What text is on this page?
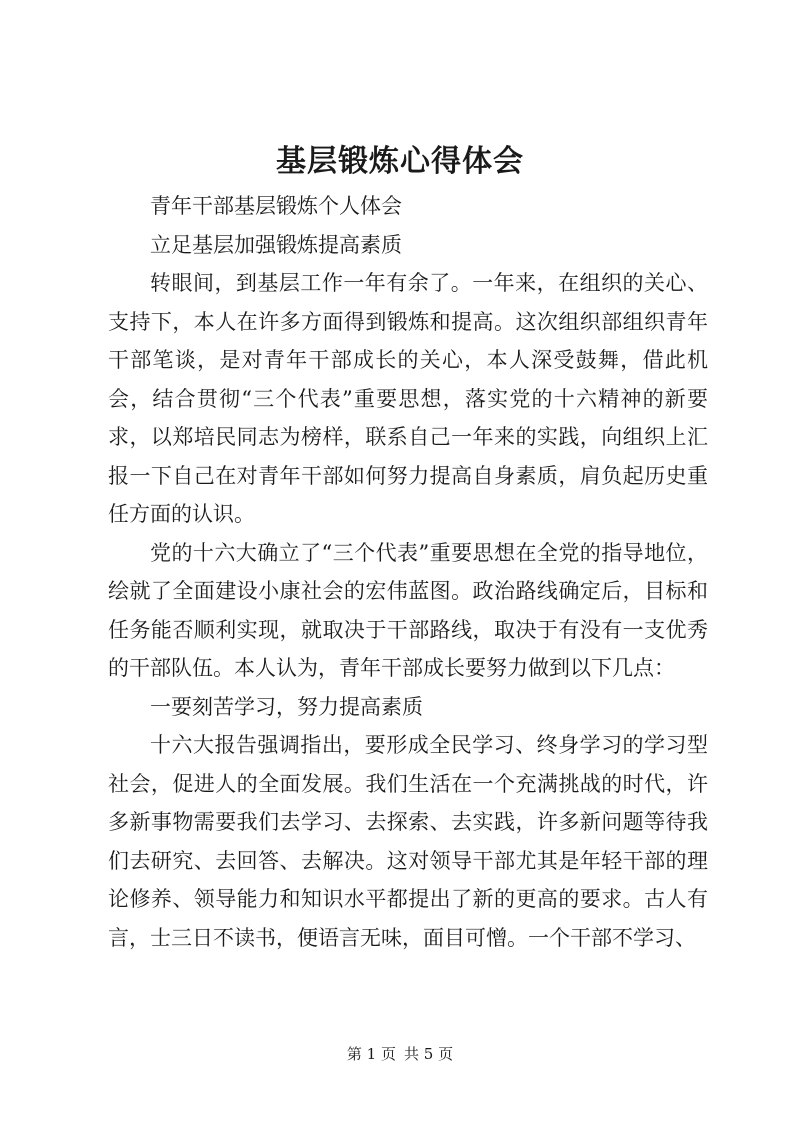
基层锻炼心得体会

青年干部基层锻炼个人体会

立足基层加强锻炼提高素质

转眼间，到基层工作一年有余了。一年来，在组织的关心、支持下，本人在许多方面得到锻炼和提高。这次组织部组织青年干部笔谈，是对青年干部成长的关心，本人深受鼓舞，借此机会，结合贯彻“三个代表”重要思想，落实党的十六精神的新要求，以郑培民同志为榜样，联系自己一年来的实践，向组织上汇报一下自己在对青年干部如何努力提高自身素质，肩负起历史重任方面的认识。

党的十六大确立了“三个代表”重要思想在全党的指导地位，绘就了全面建设小康社会的宏伟蓝图。政治路线确定后，目标和任务能否顺利实现，就取决于干部路线，取决于有没有一支优秀的干部队伍。本人认为，青年干部成长要努力做到以下几点：

一要刻苦学习，努力提高素质

十六大报告强调指出，要形成全民学习、终身学习的学习型社会，促进人的全面发展。我们生活在一个充满挑战的时代，许多新事物需要我们去学习、去探索、去实践，许多新问题等待我们去研究、去回答、去解决。这对领导干部尤其是年轻干部的理论修养、领导能力和知识水平都提出了新的更高的要求。古人有言，士三日不读书，便语言无味，面目可憎。一个干部不学习、

第 1 页 共 5 页
